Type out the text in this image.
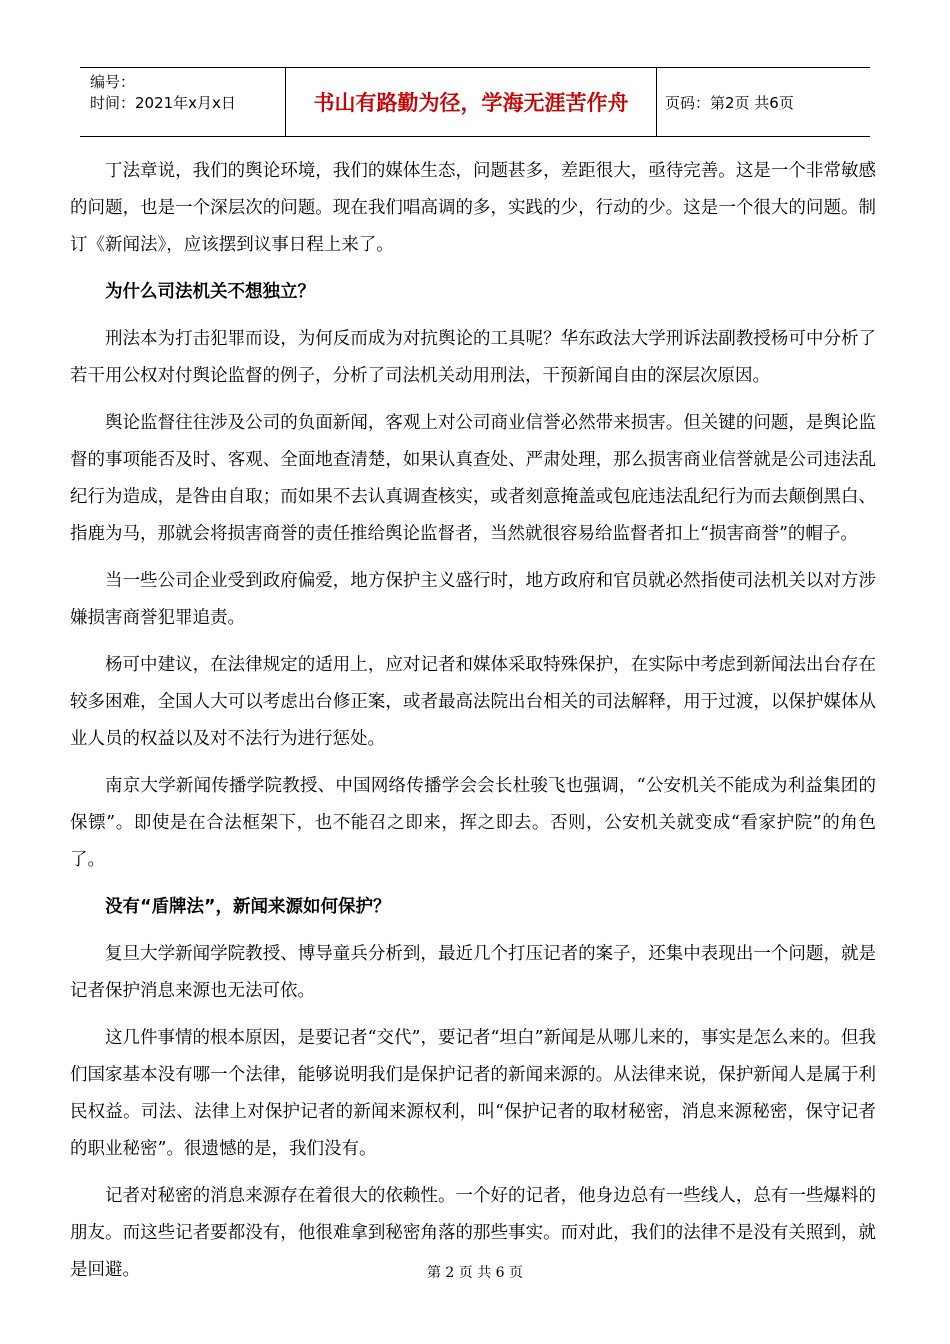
编号：
时间：2021年x月x日	书山有路勤为径，学海无涯苦作舟	页码：第2页 共6页

丁法章说，我们的舆论环境，我们的媒体生态，问题甚多，差距很大，亟待完善。这是一个非常敏感的问题，也是一个深层次的问题。现在我们唱高调的多，实践的少，行动的少。这是一个很大的问题。制订《新闻法》，应该摆到议事日程上来了。

为什么司法机关不想独立？

刑法本为打击犯罪而设，为何反而成为对抗舆论的工具呢？华东政法大学刑诉法副教授杨可中分析了若干用公权对付舆论监督的例子，分析了司法机关动用刑法，干预新闻自由的深层次原因。

舆论监督往往涉及公司的负面新闻，客观上对公司商业信誉必然带来损害。但关键的问题，是舆论监督的事项能否及时、客观、全面地查清楚，如果认真查处、严肃处理，那么损害商业信誉就是公司违法乱纪行为造成，是咎由自取；而如果不去认真调查核实，或者刻意掩盖或包庇违法乱纪行为而去颠倒黑白、指鹿为马，那就会将损害商誉的责任推给舆论监督者，当然就很容易给监督者扣上“损害商誉”的帽子。

当一些公司企业受到政府偏爱，地方保护主义盛行时，地方政府和官员就必然指使司法机关以对方涉嫌损害商誉犯罪追责。

杨可中建议，在法律规定的适用上，应对记者和媒体采取特殊保护，在实际中考虑到新闻法出台存在较多困难，全国人大可以考虑出台修正案，或者最高法院出台相关的司法解释，用于过渡，以保护媒体从业人员的权益以及对不法行为进行惩处。

南京大学新闻传播学院教授、中国网络传播学会会长杜骏飞也强调，“公安机关不能成为利益集团的保镖”。即使是在合法框架下，也不能召之即来，挥之即去。否则，公安机关就变成“看家护院”的角色了。

没有“盾牌法”，新闻来源如何保护？

复旦大学新闻学院教授、博导童兵分析到，最近几个打压记者的案子，还集中表现出一个问题，就是记者保护消息来源也无法可依。

这几件事情的根本原因，是要记者“交代”，要记者“坦白”新闻是从哪儿来的，事实是怎么来的。但我们国家基本没有哪一个法律，能够说明我们是保护记者的新闻来源的。从法律来说，保护新闻人是属于利民权益。司法、法律上对保护记者的新闻来源权利，叫“保护记者的取材秘密，消息来源秘密，保守记者的职业秘密”。很遗憾的是，我们没有。

记者对秘密的消息来源存在着很大的依赖性。一个好的记者，他身边总有一些线人，总有一些爆料的朋友。而这些记者要都没有，他很难拿到秘密角落的那些事实。而对此，我们的法律不是没有关照到，就是回避。	第 2 页 共 6 页
